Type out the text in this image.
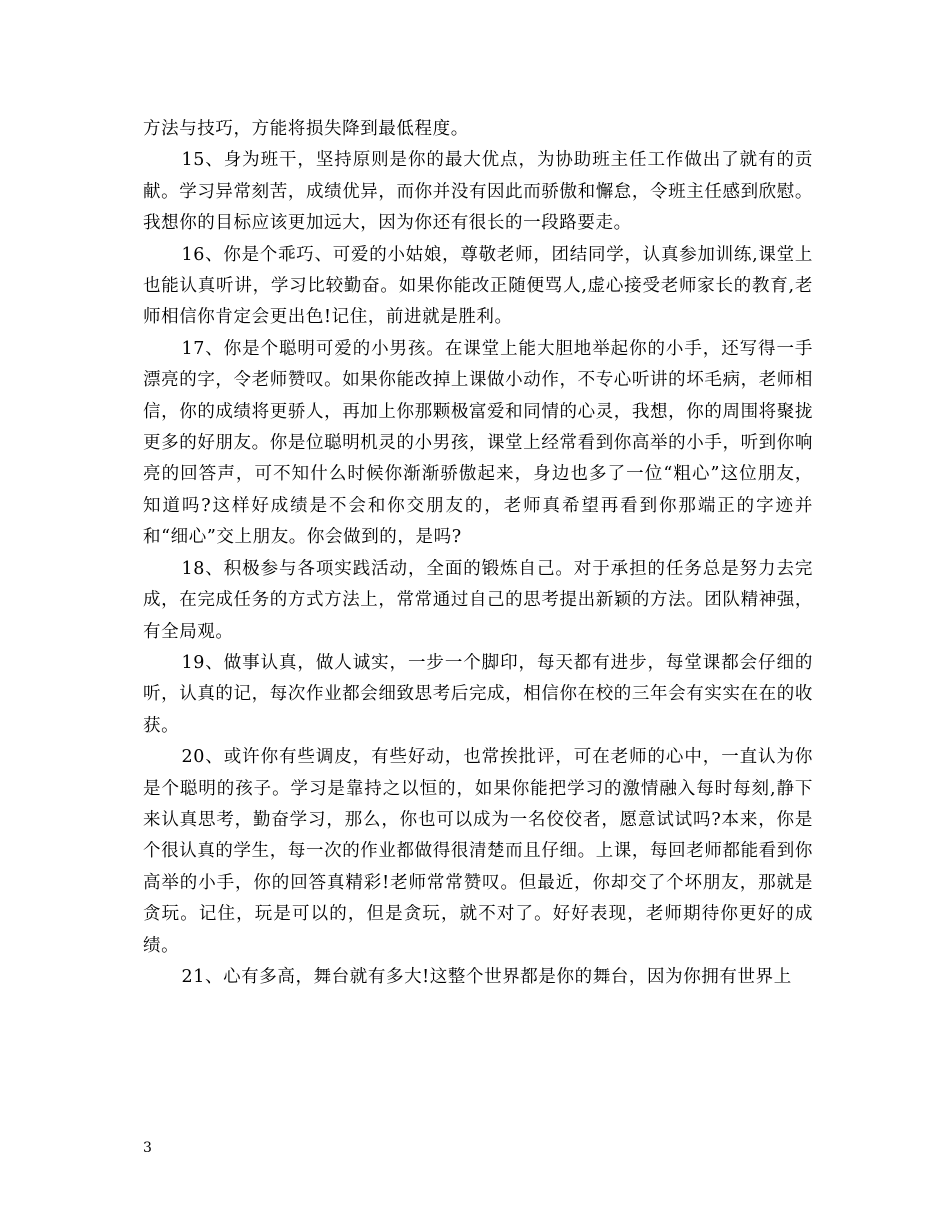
方法与技巧，方能将损失降到最低程度。

15、身为班干，坚持原则是你的最大优点，为协助班主任工作做出了就有的贡献。学习异常刻苦，成绩优异，而你并没有因此而骄傲和懈怠，令班主任感到欣慰。我想你的目标应该更加远大，因为你还有很长的一段路要走。

16、你是个乖巧、可爱的小姑娘，尊敬老师，团结同学，认真参加训练,课堂上也能认真听讲，学习比较勤奋。如果你能改正随便骂人,虚心接受老师家长的教育,老师相信你肯定会更出色!记住，前进就是胜利。

17、你是个聪明可爱的小男孩。在课堂上能大胆地举起你的小手，还写得一手漂亮的字，令老师赞叹。如果你能改掉上课做小动作，不专心听讲的坏毛病，老师相信，你的成绩将更骄人，再加上你那颗极富爱和同情的心灵，我想，你的周围将聚拢更多的好朋友。你是位聪明机灵的小男孩，课堂上经常看到你高举的小手，听到你响亮的回答声，可不知什么时候你渐渐骄傲起来，身边也多了一位“粗心”这位朋友，知道吗?这样好成绩是不会和你交朋友的，老师真希望再看到你那端正的字迹并和“细心”交上朋友。你会做到的，是吗?

18、积极参与各项实践活动，全面的锻炼自己。对于承担的任务总是努力去完成，在完成任务的方式方法上，常常通过自己的思考提出新颖的方法。团队精神强，有全局观。

19、做事认真，做人诚实，一步一个脚印，每天都有进步，每堂课都会仔细的听，认真的记，每次作业都会细致思考后完成，相信你在校的三年会有实实在在的收获。

20、或许你有些调皮，有些好动，也常挨批评，可在老师的心中，一直认为你是个聪明的孩子。学习是靠持之以恒的，如果你能把学习的激情融入每时每刻,静下来认真思考，勤奋学习，那么，你也可以成为一名佼佼者，愿意试试吗?本来，你是个很认真的学生，每一次的作业都做得很清楚而且仔细。上课，每回老师都能看到你高举的小手，你的回答真精彩!老师常常赞叹。但最近，你却交了个坏朋友，那就是贪玩。记住，玩是可以的，但是贪玩，就不对了。好好表现，老师期待你更好的成绩。

21、心有多高，舞台就有多大!这整个世界都是你的舞台，因为你拥有世界上

3
